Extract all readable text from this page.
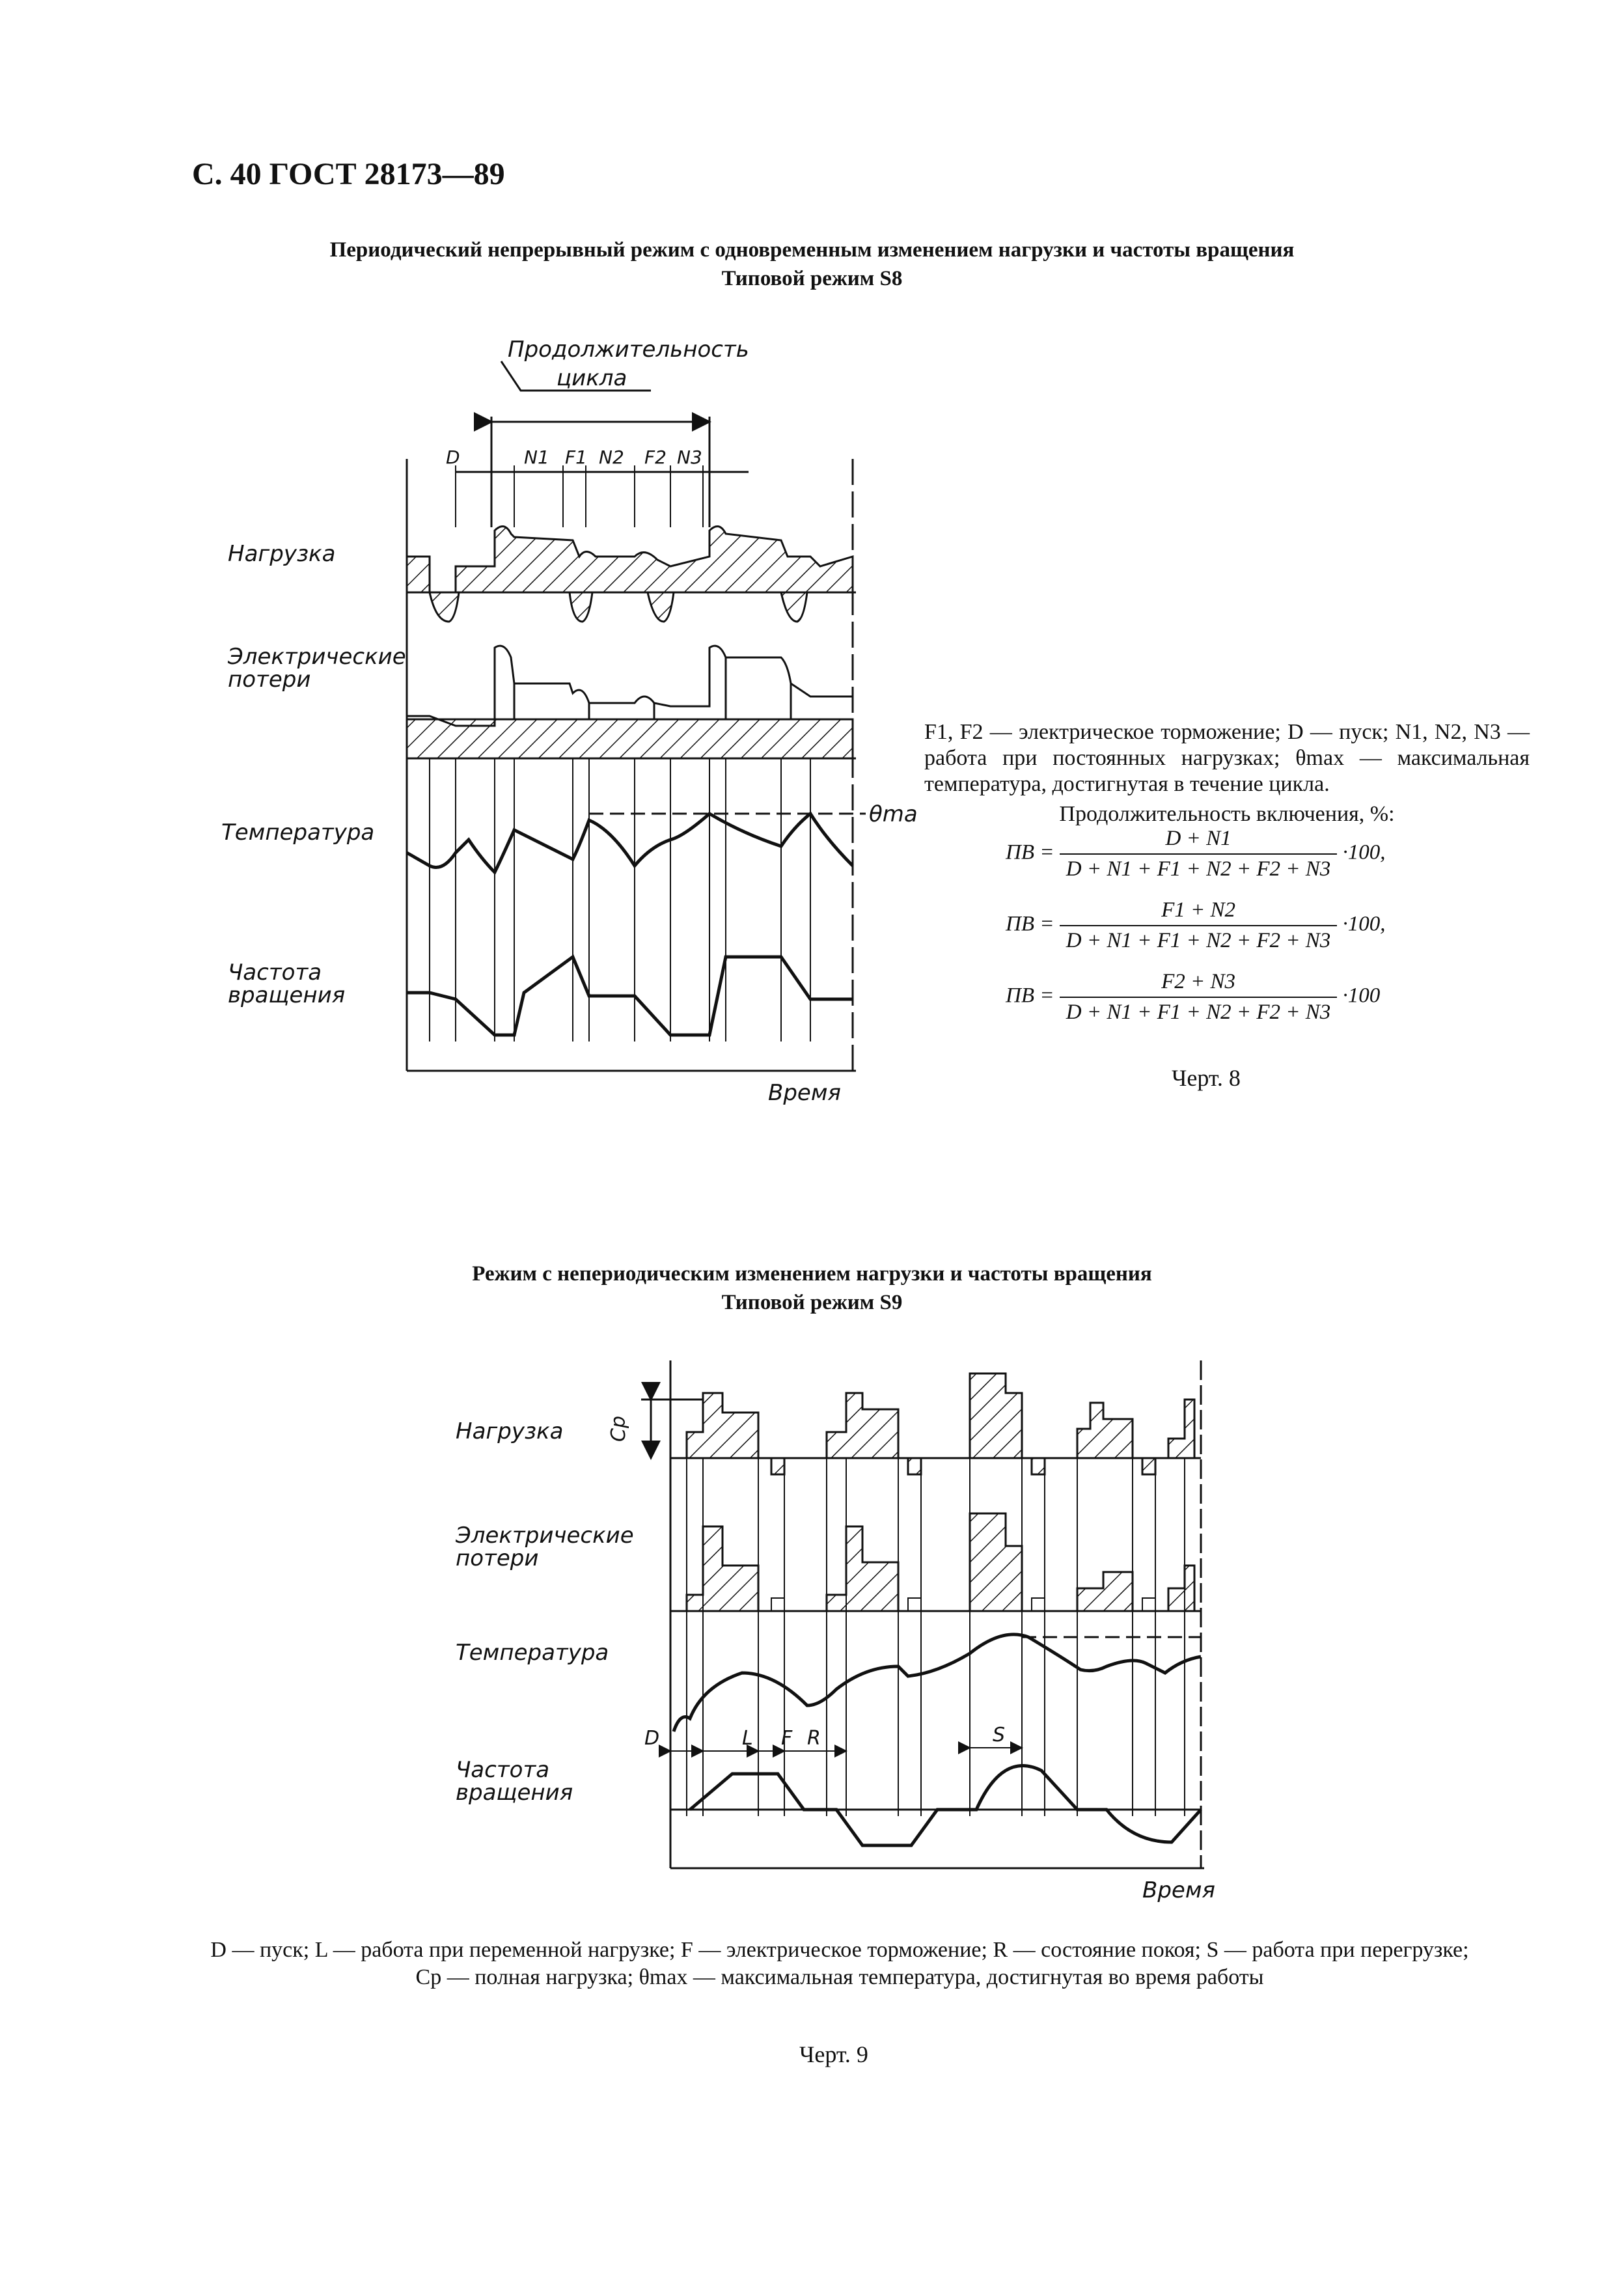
С. 40 ГОСТ 28173—89
Периодический непрерывный режим с одновременным изменением нагрузки и частоты вращения
Типовой режим S8
Продолжительность
цикла
Нагрузка
Электрические
потери
Температура
Частота
вращения
θmа
Время
D	N1 F1 N2 F2 N3
F1, F2 — электрическое торможение; D — пуск; N1, N2, N3 — работа при постоянных нагрузках; θmax — максимальная температура, достигнутая в течение цикла.
Продолжительность включения, %:
ПВ = $\frac{D + N1}{D + N1 + F1 + N2 + F2 + N3} \cdot 100$,
ПВ = $\frac{F1 + N2}{D + N1 + F1 + N2 + F2 + N3} \cdot 100$,
ПВ = $\frac{F2 + N3}{D + N1 + F1 + N2 + F2 + N3} \cdot 100$
Черт. 8
Режим с непериодическим изменением нагрузки и частоты вращения
Типовой режим S9
Нагрузка
Электрические
потери
Температура
Частота
вращения
Время
Cp
D	L F R	S
D — пуск; L — работа при переменной нагрузке; F — электрическое торможение; R — состояние покоя; S — работа при перегрузке; Cp — полная нагрузка; θmax — максимальная температура, достигнутая во время работы
Черт. 9
